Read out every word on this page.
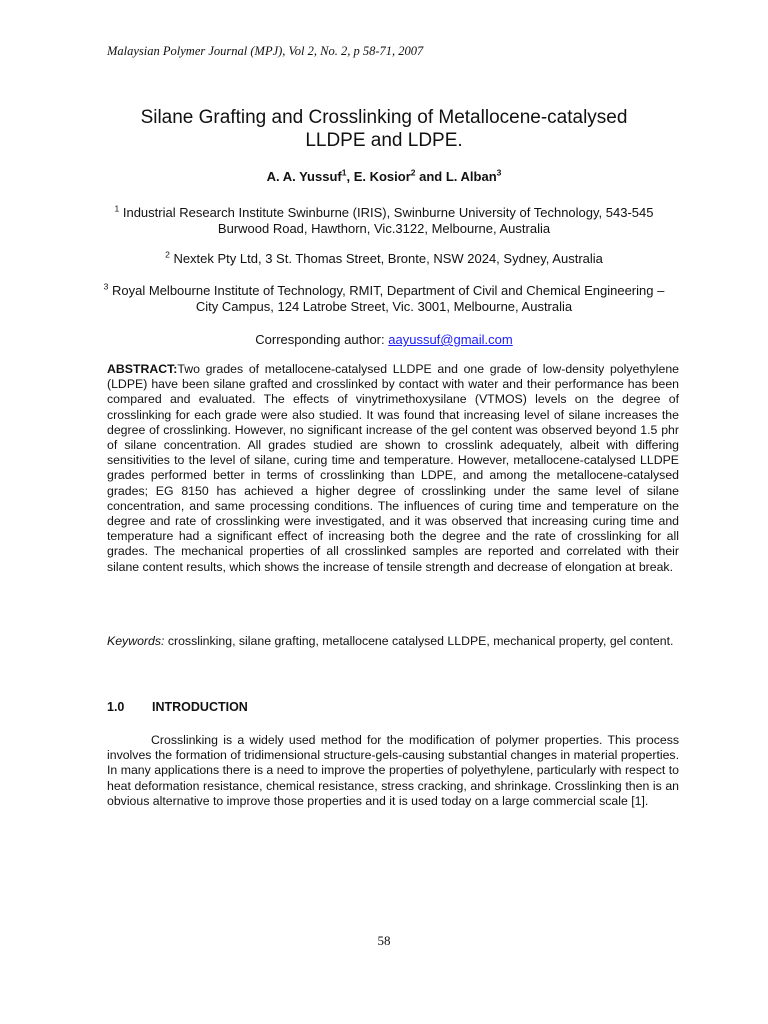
Malaysian Polymer Journal (MPJ), Vol 2, No. 2, p 58-71, 2007
Silane Grafting and Crosslinking of Metallocene-catalysed
LLDPE and LDPE.
A. A. Yussuf$^1$, E. Kosior$^2$ and L. Alban$^3$
$^1$ Industrial Research Institute Swinburne (IRIS), Swinburne University of Technology, 543-545 Burwood Road, Hawthorn, Vic.3122, Melbourne, Australia
$^2$ Nextek Pty Ltd, 3 St. Thomas Street, Bronte, NSW 2024, Sydney, Australia
$^3$ Royal Melbourne Institute of Technology, RMIT, Department of Civil and Chemical Engineering – City Campus, 124 Latrobe Street, Vic. 3001, Melbourne, Australia
Corresponding author: aayussuf@gmail.com

ABSTRACT:Two grades of metallocene-catalysed LLDPE and one grade of low-density polyethylene (LDPE) have been silane grafted and crosslinked by contact with water and their performance has been compared and evaluated. The effects of vinytrimethoxysilane (VTMOS) levels on the degree of crosslinking for each grade were also studied. It was found that increasing level of silane increases the degree of crosslinking. However, no significant increase of the gel content was observed beyond 1.5 phr of silane concentration. All grades studied are shown to crosslink adequately, albeit with differing sensitivities to the level of silane, curing time and temperature. However, metallocene-catalysed LLDPE grades performed better in terms of crosslinking than LDPE, and among the metallocene-catalysed grades; EG 8150 has achieved a higher degree of crosslinking under the same level of silane concentration, and same processing conditions. The influences of curing time and temperature on the degree and rate of crosslinking were investigated, and it was observed that increasing curing time and temperature had a significant effect of increasing both the degree and the rate of crosslinking for all grades. The mechanical properties of all crosslinked samples are reported and correlated with their silane content results, which shows the increase of tensile strength and decrease of elongation at break.

Keywords: crosslinking, silane grafting, metallocene catalysed LLDPE, mechanical property, gel content.

1.0 INTRODUCTION

Crosslinking is a widely used method for the modification of polymer properties. This process involves the formation of tridimensional structure-gels-causing substantial changes in material properties. In many applications there is a need to improve the properties of polyethylene, particularly with respect to heat deformation resistance, chemical resistance, stress cracking, and shrinkage. Crosslinking then is an obvious alternative to improve those properties and it is used today on a large commercial scale [1].

58
